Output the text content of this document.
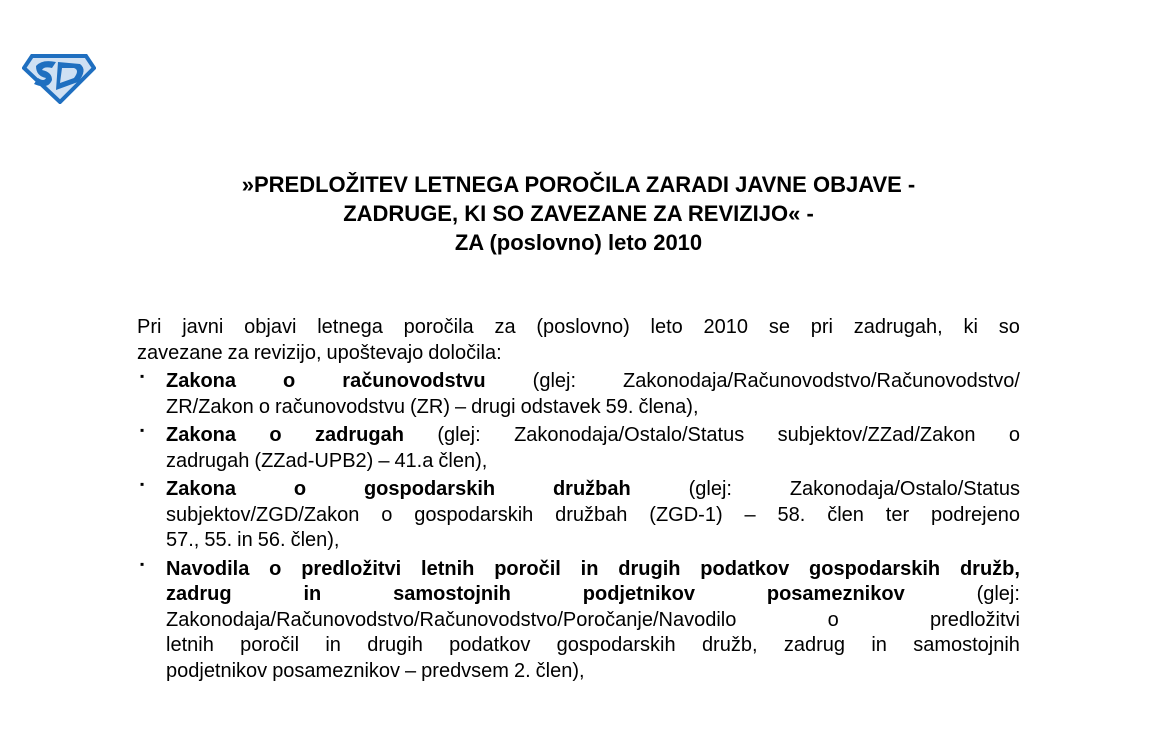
»PREDLOŽITEV LETNEGA POROČILA ZARADI JAVNE OBJAVE -
ZADRUGE, KI SO ZAVEZANE ZA REVIZIJO« -
ZA (poslovno) leto 2010
Pri javni objavi letnega poročila za (poslovno) leto 2010 se pri zadrugah, ki so
zavezane za revizijo, upoštevajo določila:
▪ Zakona o računovodstvu (glej: Zakonodaja/Računovodstvo/Računovodstvo/
ZR/Zakon o računovodstvu (ZR) – drugi odstavek 59. člena),
▪ Zakona o zadrugah (glej: Zakonodaja/Ostalo/Status subjektov/ZZad/Zakon o
zadrugah (ZZad-UPB2) – 41.a člen),
▪ Zakona	o	gospodarskih	družbah	(glej:	Zakonodaja/Ostalo/Status
subjektov/ZGD/Zakon o gospodarskih družbah (ZGD-1) – 58. člen ter podrejeno
57., 55. in 56. člen),
▪ Navodila o predložitvi letnih poročil in drugih podatkov gospodarskih družb,
zadrug	in	samostojnih	podjetnikov	posameznikov	(glej:
Zakonodaja/Računovodstvo/Računovodstvo/Poročanje/Navodilo	o	predložitvi
letnih poročil in drugih podatkov gospodarskih družb, zadrug in samostojnih
podjetnikov posameznikov – predvsem 2. člen),
